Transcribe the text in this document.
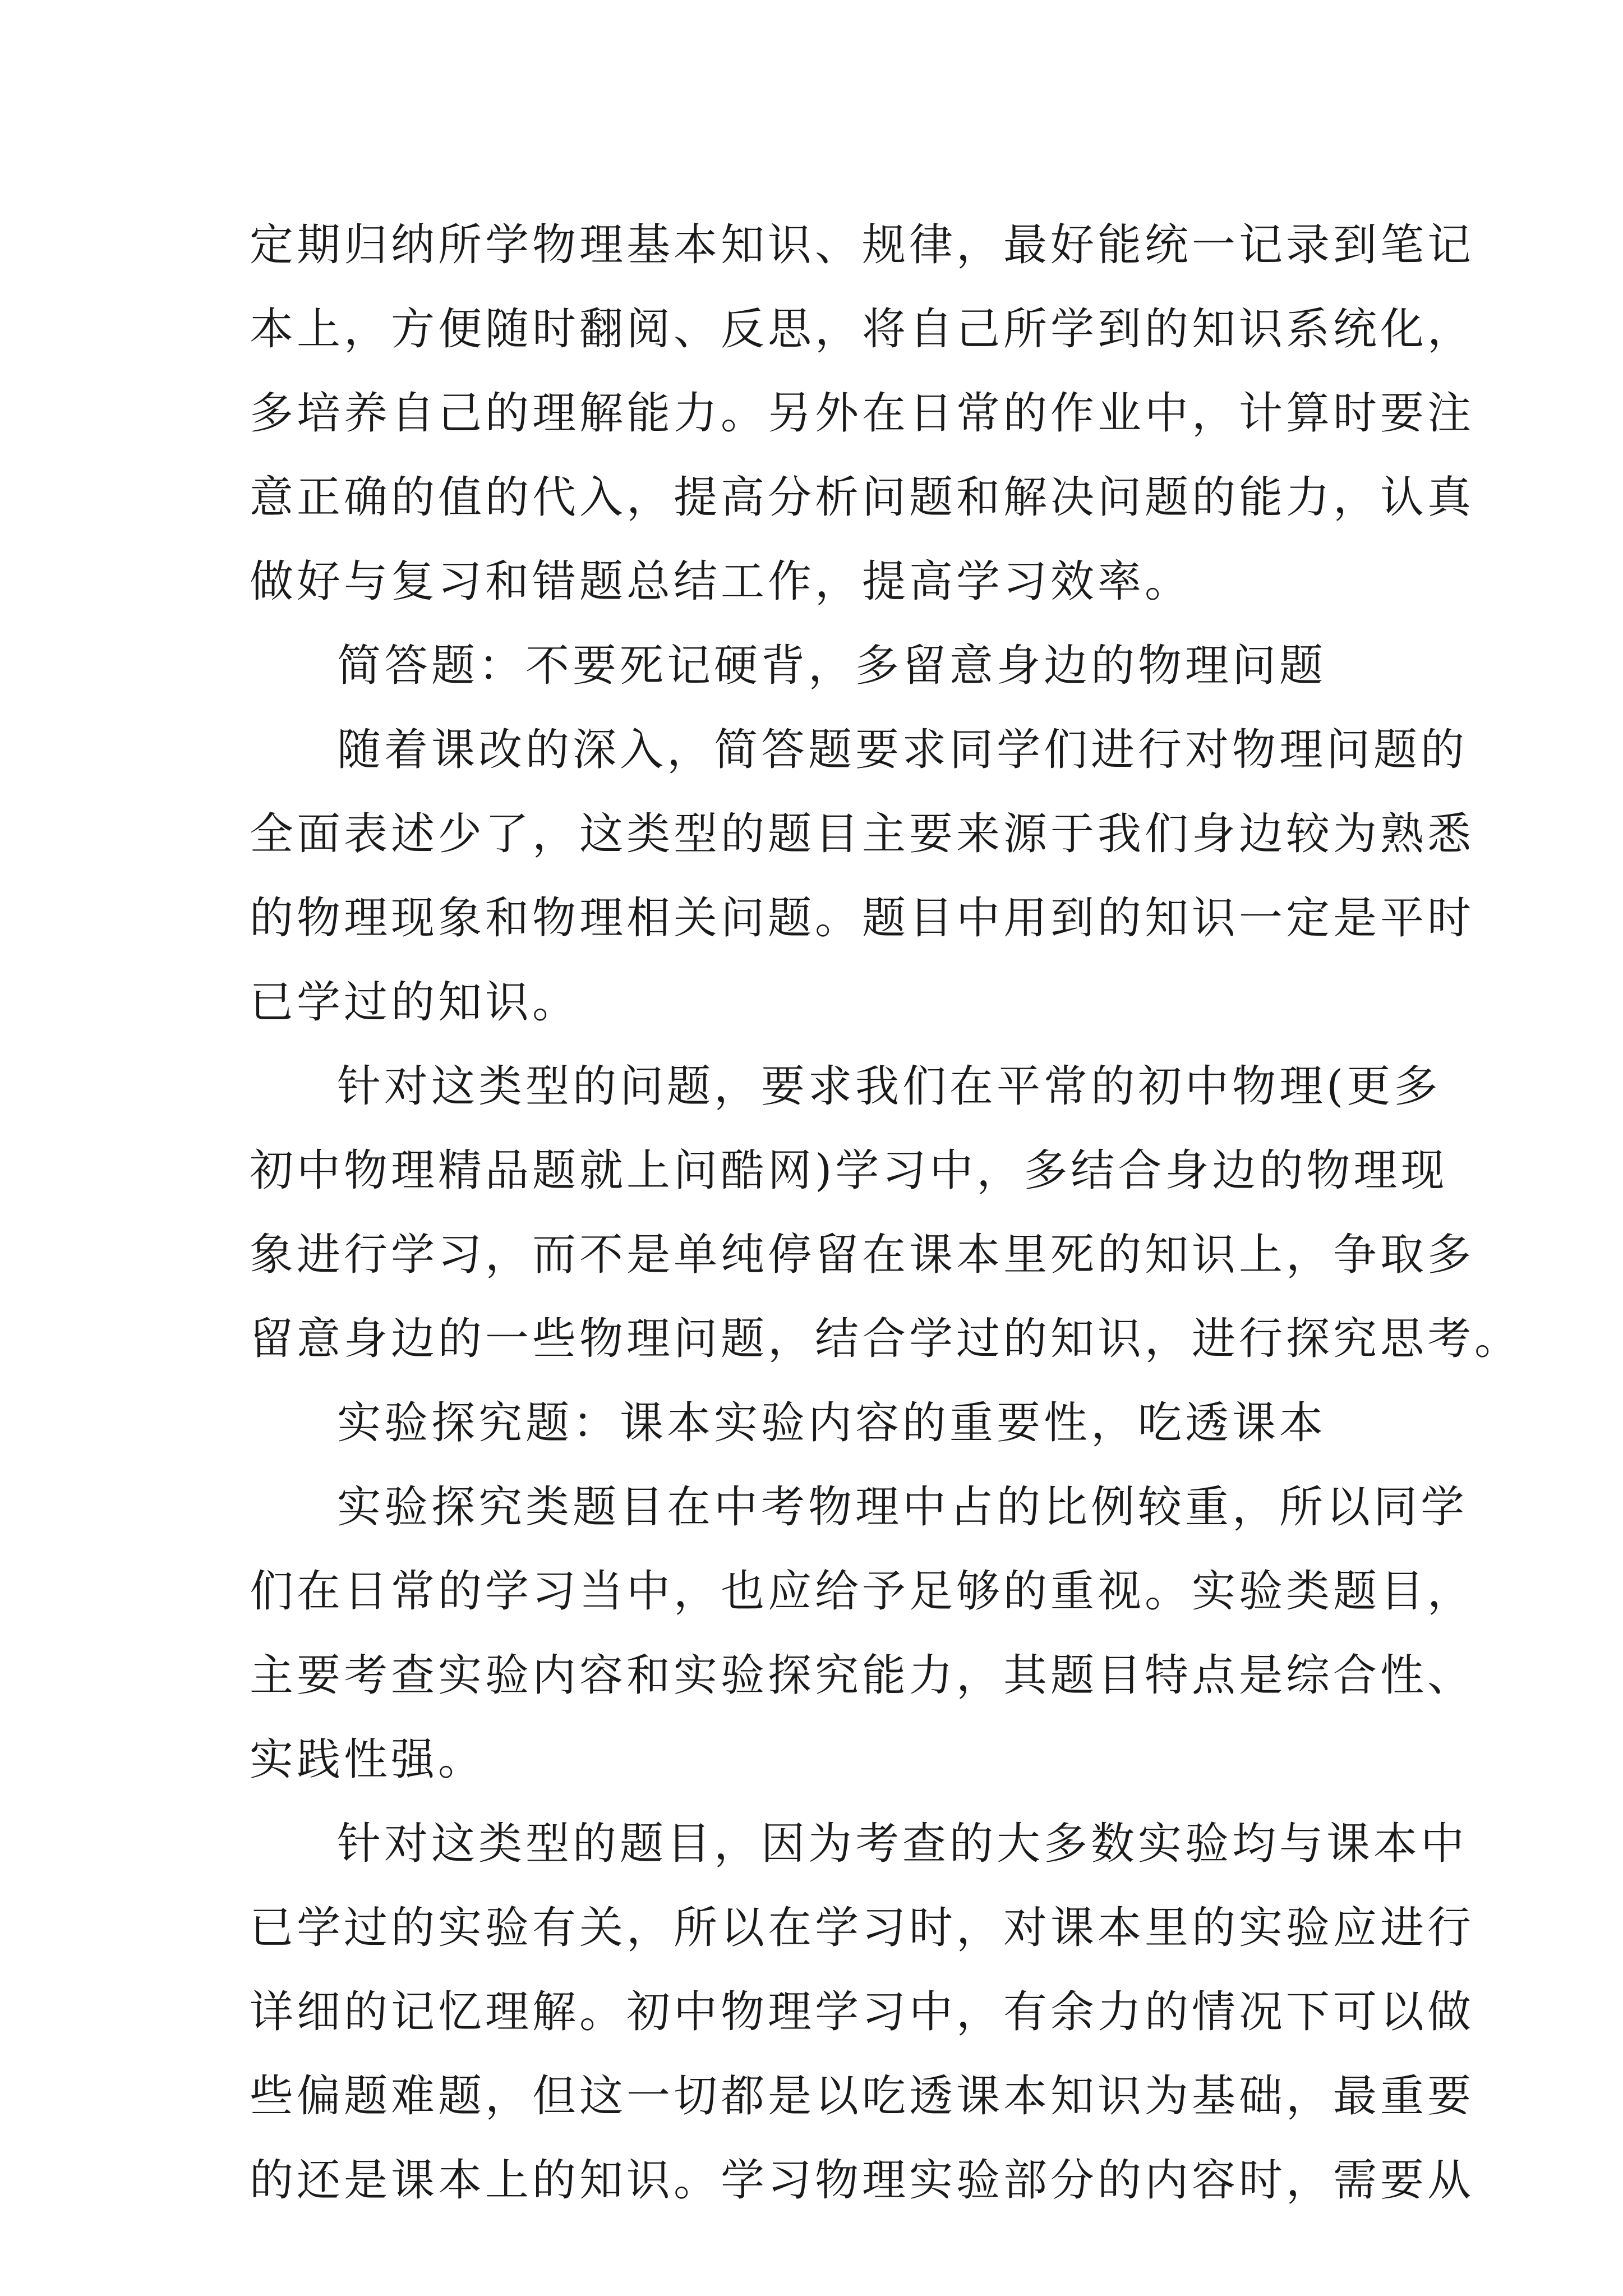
定期归纳所学物理基本知识、规律，最好能统一记录到笔记
本上，方便随时翻阅、反思，将自己所学到的知识系统化，
多培养自己的理解能力。另外在日常的作业中，计算时要注
意正确的值的代入，提高分析问题和解决问题的能力，认真
做好与复习和错题总结工作，提高学习效率。
简答题：不要死记硬背，多留意身边的物理问题
随着课改的深入，简答题要求同学们进行对物理问题的
全面表述少了，这类型的题目主要来源于我们身边较为熟悉
的物理现象和物理相关问题。题目中用到的知识一定是平时
已学过的知识。
针对这类型的问题，要求我们在平常的初中物理(更多
初中物理精品题就上问酷网)学习中，多结合身边的物理现
象进行学习，而不是单纯停留在课本里死的知识上，争取多
留意身边的一些物理问题，结合学过的知识，进行探究思考。
实验探究题：课本实验内容的重要性，吃透课本
实验探究类题目在中考物理中占的比例较重，所以同学
们在日常的学习当中，也应给予足够的重视。实验类题目，
主要考查实验内容和实验探究能力，其题目特点是综合性、
实践性强。
针对这类型的题目，因为考查的大多数实验均与课本中
已学过的实验有关，所以在学习时，对课本里的实验应进行
详细的记忆理解。初中物理学习中，有余力的情况下可以做
些偏题难题，但这一切都是以吃透课本知识为基础，最重要
的还是课本上的知识。学习物理实验部分的内容时，需要从
